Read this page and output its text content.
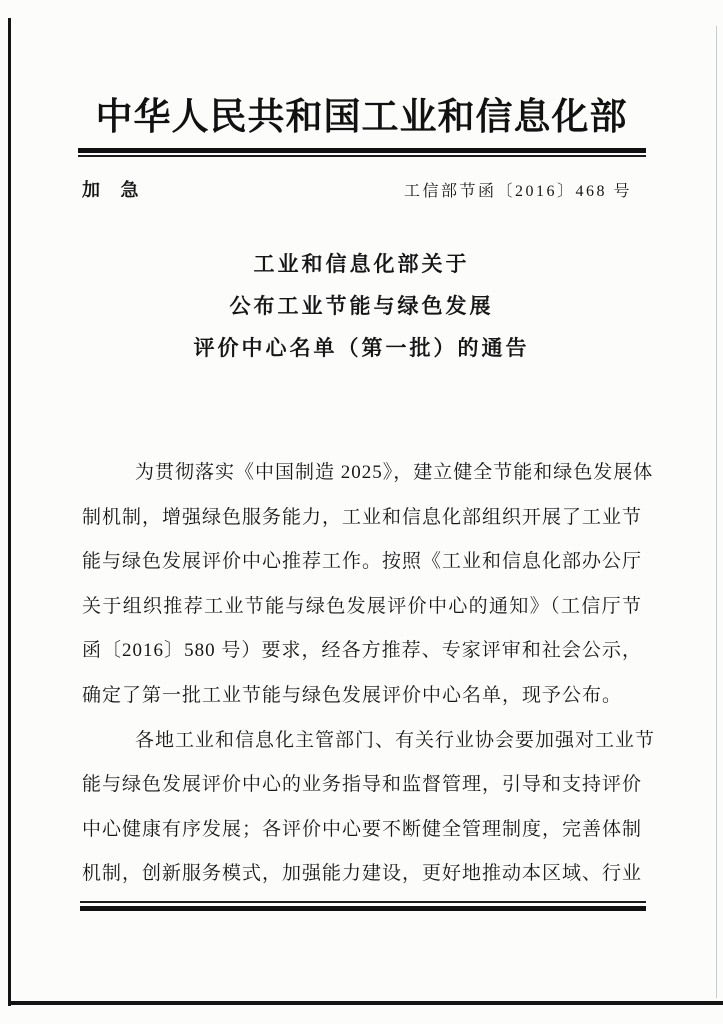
中华人民共和国工业和信息化部
加 急	工信部节函〔2016〕468 号
工业和信息化部关于
公布工业节能与绿色发展
评价中心名单（第一批）的通告
为贯彻落实《中国制造 2025》，建立健全节能和绿色发展体
制机制，增强绿色服务能力，工业和信息化部组织开展了工业节
能与绿色发展评价中心推荐工作。按照《工业和信息化部办公厅
关于组织推荐工业节能与绿色发展评价中心的通知》（工信厅节
函〔2016〕580 号）要求，经各方推荐、专家评审和社会公示，
确定了第一批工业节能与绿色发展评价中心名单，现予公布。
各地工业和信息化主管部门、有关行业协会要加强对工业节
能与绿色发展评价中心的业务指导和监督管理，引导和支持评价
中心健康有序发展；各评价中心要不断健全管理制度，完善体制
机制，创新服务模式，加强能力建设，更好地推动本区域、行业
